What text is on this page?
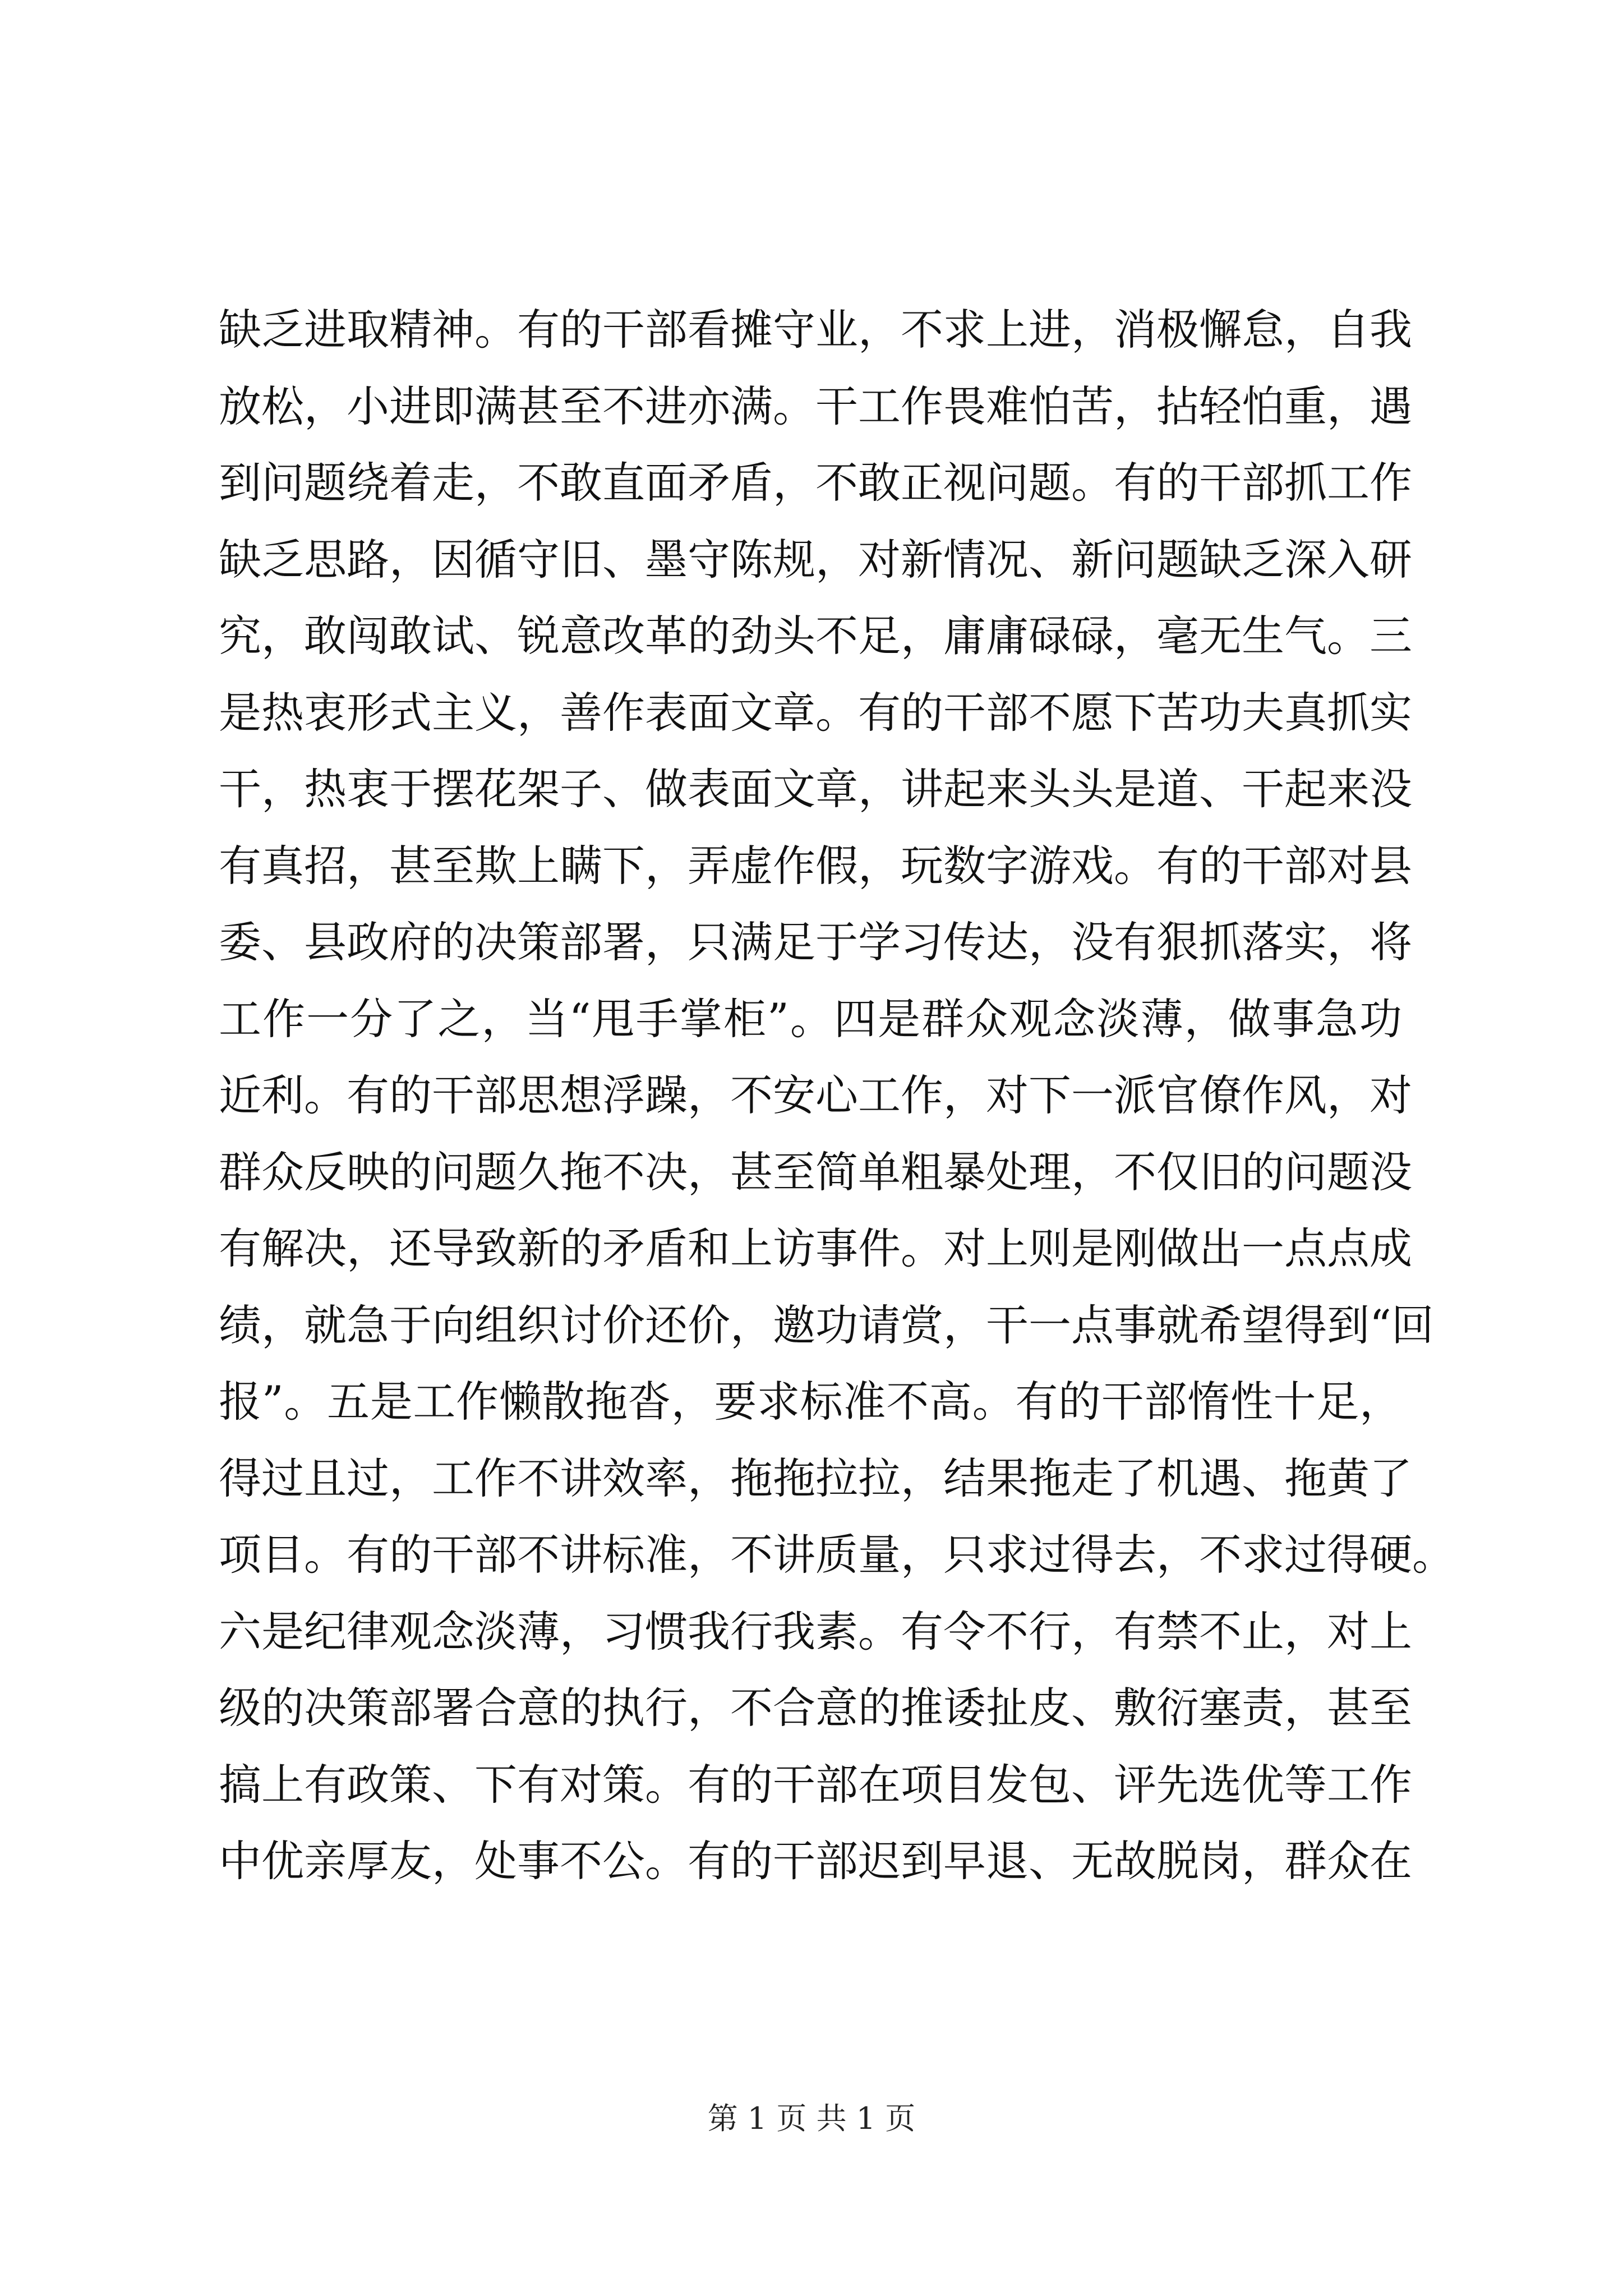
缺乏进取精神。有的干部看摊守业，不求上进，消极懈怠，自我
放松，小进即满甚至不进亦满。干工作畏难怕苦，拈轻怕重，遇
到问题绕着走，不敢直面矛盾，不敢正视问题。有的干部抓工作
缺乏思路，因循守旧、墨守陈规，对新情况、新问题缺乏深入研
究，敢闯敢试、锐意改革的劲头不足，庸庸碌碌，毫无生气。三
是热衷形式主义，善作表面文章。有的干部不愿下苦功夫真抓实
干，热衷于摆花架子、做表面文章，讲起来头头是道、干起来没
有真招，甚至欺上瞒下，弄虚作假，玩数字游戏。有的干部对县
委、县政府的决策部署，只满足于学习传达，没有狠抓落实，将
工作一分了之，当“甩手掌柜”。四是群众观念淡薄，做事急功
近利。有的干部思想浮躁，不安心工作，对下一派官僚作风，对
群众反映的问题久拖不决，甚至简单粗暴处理，不仅旧的问题没
有解决，还导致新的矛盾和上访事件。对上则是刚做出一点点成
绩，就急于向组织讨价还价，邀功请赏，干一点事就希望得到“回
报”。五是工作懒散拖沓，要求标准不高。有的干部惰性十足，
得过且过，工作不讲效率，拖拖拉拉，结果拖走了机遇、拖黄了
项目。有的干部不讲标准，不讲质量，只求过得去，不求过得硬。
六是纪律观念淡薄，习惯我行我素。有令不行，有禁不止，对上
级的决策部署合意的执行，不合意的推诿扯皮、敷衍塞责，甚至
搞上有政策、下有对策。有的干部在项目发包、评先选优等工作
中优亲厚友，处事不公。有的干部迟到早退、无故脱岗，群众在
第 1 页 共 1 页
